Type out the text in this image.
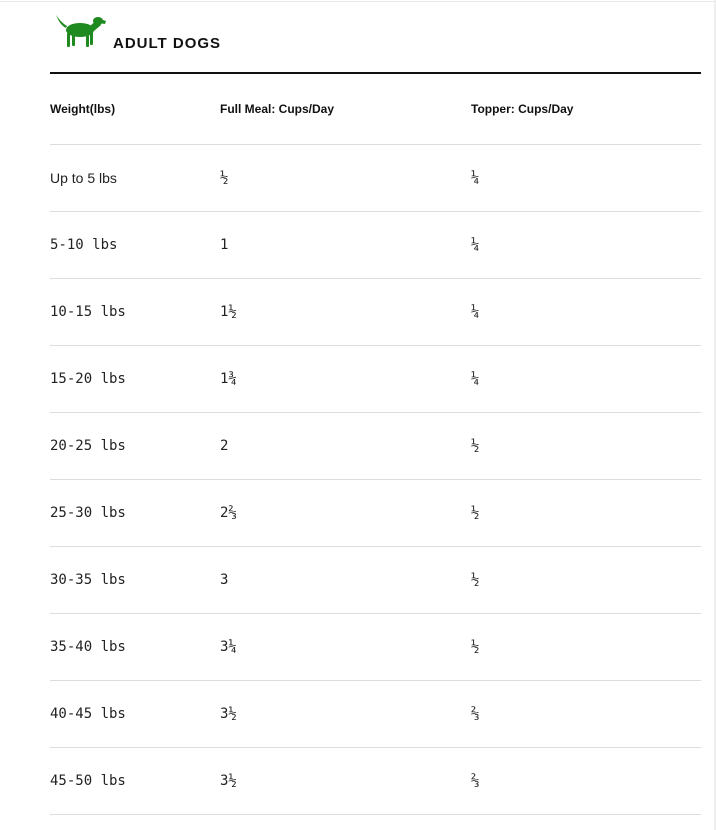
ADULT DOGS
Weight(lbs)	Full Meal: Cups/Day	Topper: Cups/Day
Up to 5 lbs	½	¼
5-10 lbs	1	¼
10-15 lbs	1½	¼
15-20 lbs	1¾	¼
20-25 lbs	2	½
25-30 lbs	2⅔	½
30-35 lbs	3	½
35-40 lbs	3¼	½
40-45 lbs	3½	⅔
45-50 lbs	3½	⅔
